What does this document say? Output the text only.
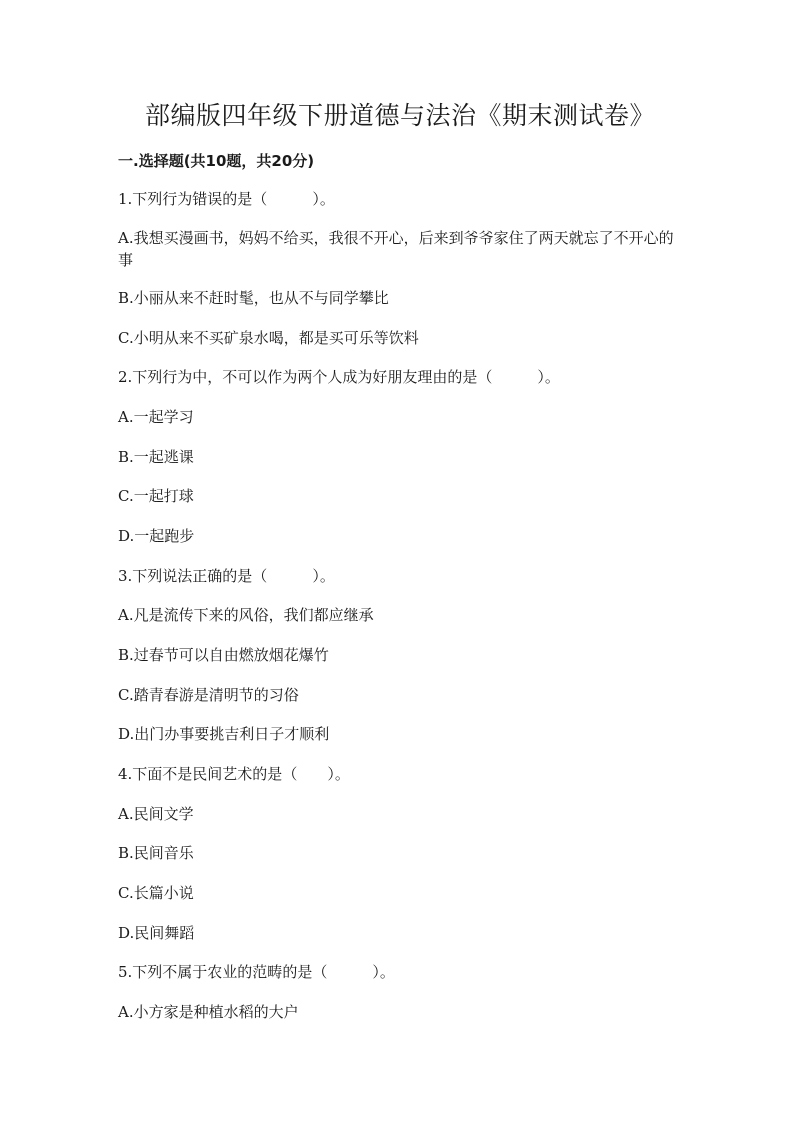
部编版四年级下册道德与法治《期末测试卷》
一.选择题(共10题，共20分)
1.下列行为错误的是（　　　）。
A.我想买漫画书，妈妈不给买，我很不开心，后来到爷爷家住了两天就忘了不开心的事
B.小丽从来不赶时髦，也从不与同学攀比
C.小明从来不买矿泉水喝，都是买可乐等饮料
2.下列行为中，不可以作为两个人成为好朋友理由的是（　　　）。
A.一起学习
B.一起逃课
C.一起打球
D.一起跑步
3.下列说法正确的是（　　　）。
A.凡是流传下来的风俗，我们都应继承
B.过春节可以自由燃放烟花爆竹
C.踏青春游是清明节的习俗
D.出门办事要挑吉利日子才顺利
4.下面不是民间艺术的是（　　）。
A.民间文学
B.民间音乐
C.长篇小说
D.民间舞蹈
5.下列不属于农业的范畴的是（　　　）。
A.小方家是种植水稻的大户
